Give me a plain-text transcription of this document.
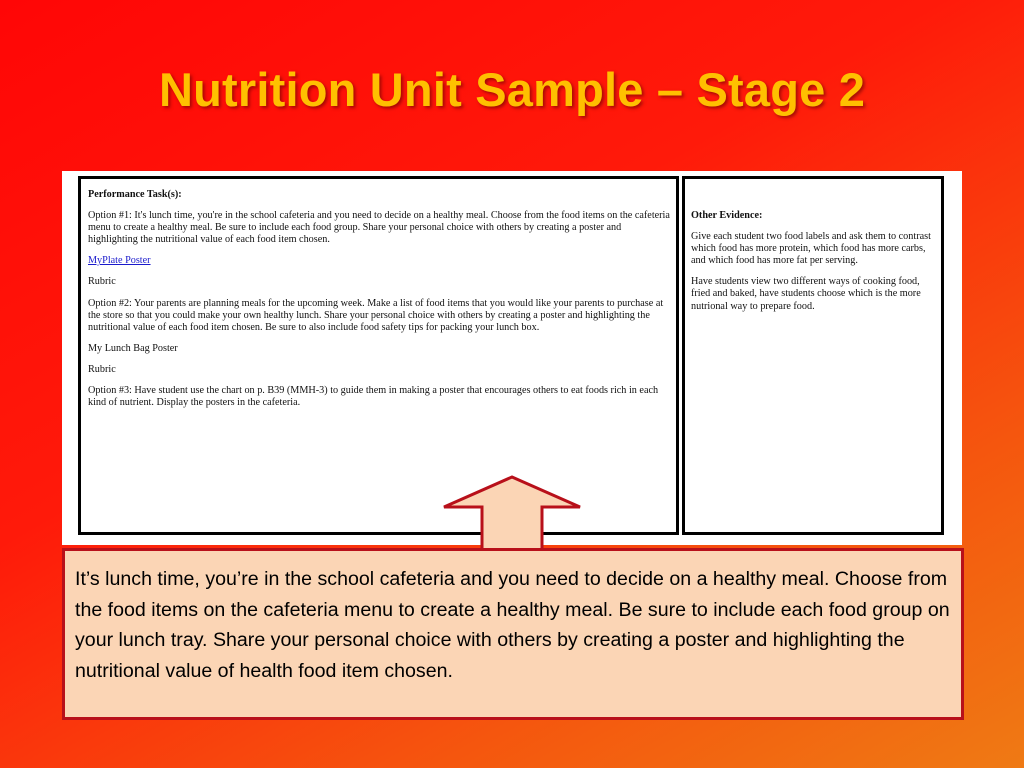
Nutrition Unit Sample – Stage 2

Performance Task(s):

Option #1: It's lunch time, you're in the school cafeteria and you need to decide on a healthy meal. Choose from the food items on the cafeteria menu to create a healthy meal. Be sure to include each food group. Share your personal choice with others by creating a poster and highlighting the nutritional value of each food item chosen.

MyPlate Poster

Rubric

Option #2: Your parents are planning meals for the upcoming week. Make a list of food items that you would like your parents to purchase at the store so that you could make your own healthy lunch. Share your personal choice with others by creating a poster and highlighting the nutritional value of each food item chosen. Be sure to also include food safety tips for packing your lunch box.

My Lunch Bag Poster

Rubric

Option #3: Have student use the chart on p. B39 (MMH-3) to guide them in making a poster that encourages others to eat foods rich in each kind of nutrient. Display the posters in the cafeteria.

Other Evidence:

Give each student two food labels and ask them to contrast which food has more protein, which food has more carbs, and which food has more fat per serving.

Have students view two different ways of cooking food, fried and baked, have students choose which is the more nutrional way to prepare food.

It’s lunch time, you’re in the school cafeteria and you need to decide on a healthy meal. Choose from the food items on the cafeteria menu to create a healthy meal. Be sure to include each food group on your lunch tray. Share your personal choice with others by creating a poster and highlighting the nutritional value of health food item chosen.
